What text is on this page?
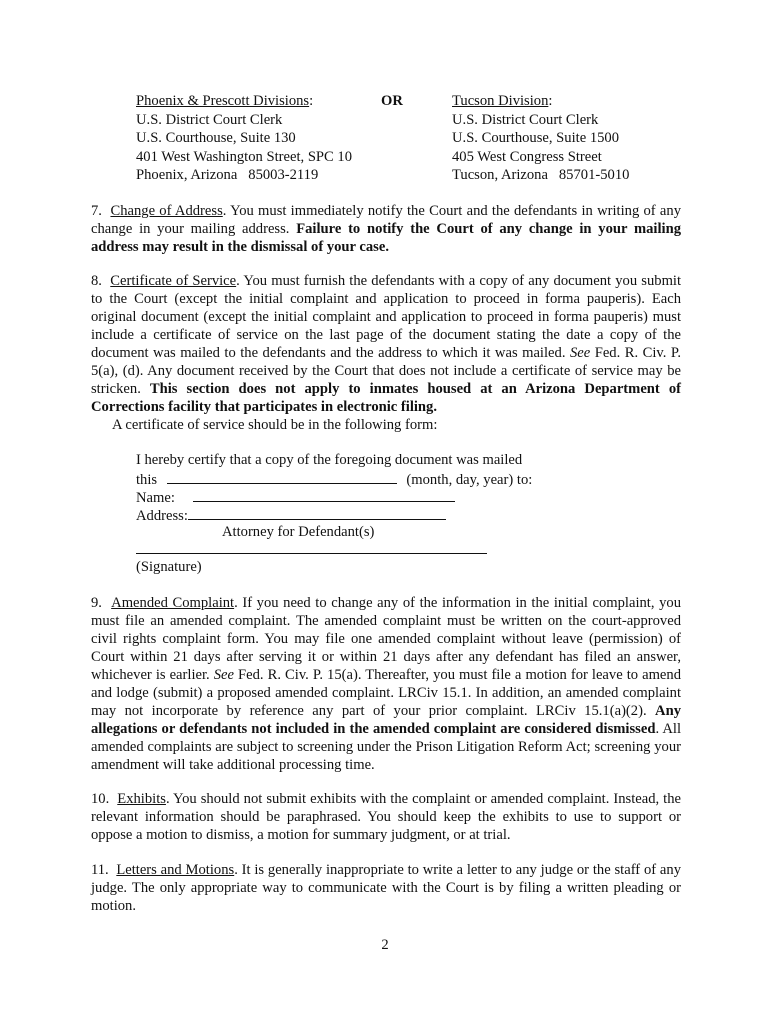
Phoenix & Prescott Divisions:
U.S. District Court Clerk
U.S. Courthouse, Suite 130
401 West Washington Street, SPC 10
Phoenix, Arizona   85003-2119
OR	Tucson Division:
U.S. District Court Clerk
U.S. Courthouse, Suite 1500
405 West Congress Street
Tucson, Arizona   85701-5010
7. Change of Address. You must immediately notify the Court and the defendants in writing of any change in your mailing address. Failure to notify the Court of any change in your mailing address may result in the dismissal of your case.
8. Certificate of Service. You must furnish the defendants with a copy of any document you submit to the Court (except the initial complaint and application to proceed in forma pauperis). Each original document (except the initial complaint and application to proceed in forma pauperis) must include a certificate of service on the last page of the document stating the date a copy of the document was mailed to the defendants and the address to which it was mailed. See Fed. R. Civ. P. 5(a), (d). Any document received by the Court that does not include a certificate of service may be stricken. This section does not apply to inmates housed at an Arizona Department of Corrections facility that participates in electronic filing.
A certificate of service should be in the following form:
I hereby certify that a copy of the foregoing document was mailed
this	(month, day, year) to:
Name:
Address:
Attorney for Defendant(s)
(Signature)
9. Amended Complaint. If you need to change any of the information in the initial complaint, you must file an amended complaint. The amended complaint must be written on the court-approved civil rights complaint form. You may file one amended complaint without leave (permission) of Court within 21 days after serving it or within 21 days after any defendant has filed an answer, whichever is earlier. See Fed. R. Civ. P. 15(a). Thereafter, you must file a motion for leave to amend and lodge (submit) a proposed amended complaint. LRCiv 15.1. In addition, an amended complaint may not incorporate by reference any part of your prior complaint. LRCiv 15.1(a)(2). Any allegations or defendants not included in the amended complaint are considered dismissed. All amended complaints are subject to screening under the Prison Litigation Reform Act; screening your amendment will take additional processing time.
10. Exhibits. You should not submit exhibits with the complaint or amended complaint. Instead, the relevant information should be paraphrased. You should keep the exhibits to use to support or oppose a motion to dismiss, a motion for summary judgment, or at trial.
11. Letters and Motions. It is generally inappropriate to write a letter to any judge or the staff of any judge. The only appropriate way to communicate with the Court is by filing a written pleading or motion.
2
